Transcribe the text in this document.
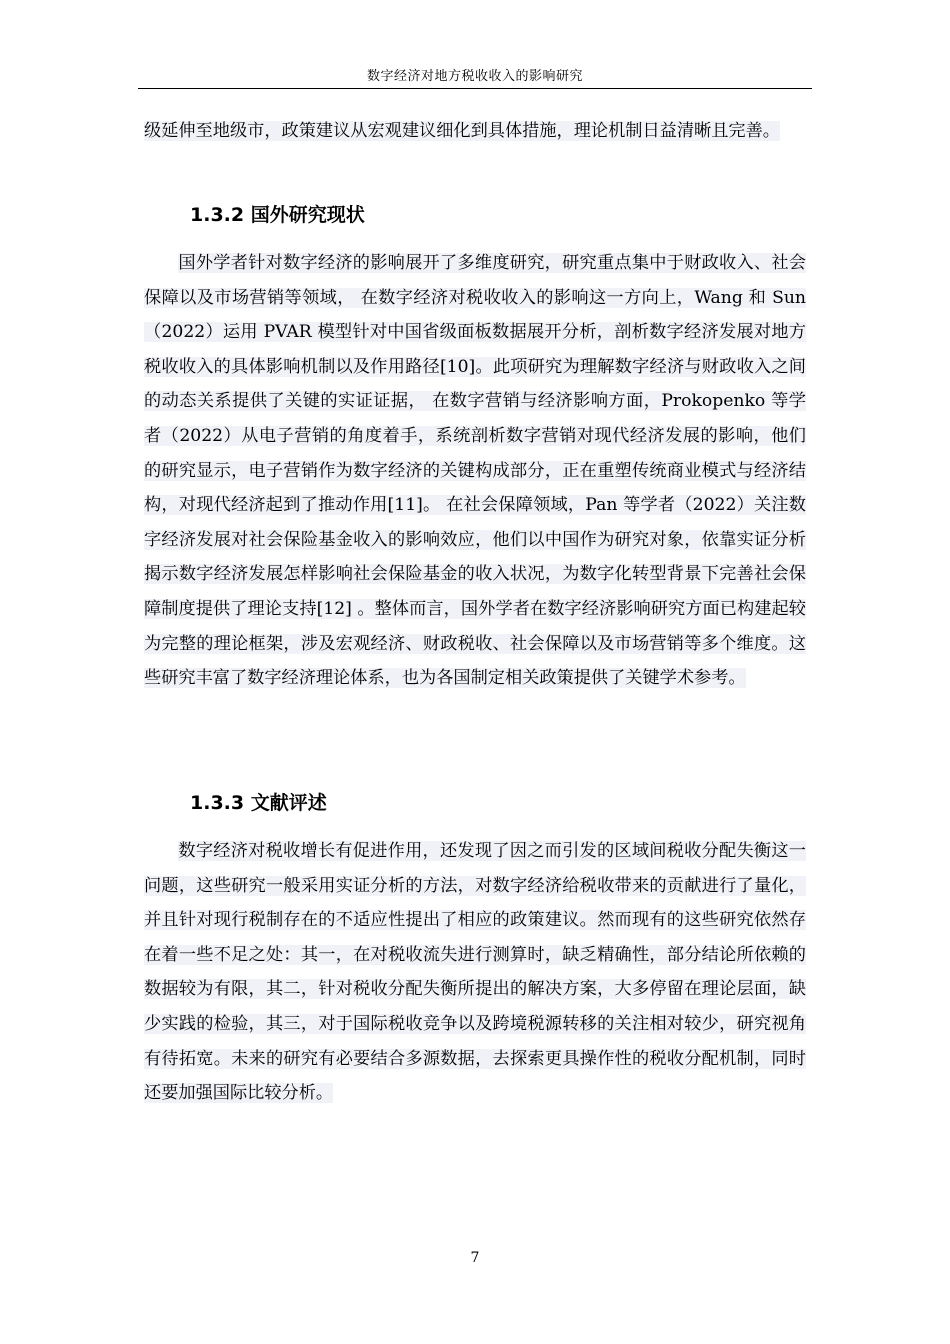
数字经济对地方税收收入的影响研究

级延伸至地级市，政策建议从宏观建议细化到具体措施，理论机制日益清晰且完善。

1.3.2 国外研究现状

国外学者针对数字经济的影响展开了多维度研究，研究重点集中于财政收入、社会保障以及市场营销等领域， 在数字经济对税收收入的影响这一方向上，Wang 和 Sun（2022）运用 PVAR 模型针对中国省级面板数据展开分析，剖析数字经济发展对地方税收收入的具体影响机制以及作用路径[10]。此项研究为理解数字经济与财政收入之间的动态关系提供了关键的实证证据， 在数字营销与经济影响方面，Prokopenko 等学者（2022）从电子营销的角度着手，系统剖析数字营销对现代经济发展的影响，他们的研究显示，电子营销作为数字经济的关键构成部分，正在重塑传统商业模式与经济结构，对现代经济起到了推动作用[11]。 在社会保障领域，Pan 等学者（2022）关注数字经济发展对社会保险基金收入的影响效应，他们以中国作为研究对象，依靠实证分析揭示数字经济发展怎样影响社会保险基金的收入状况，为数字化转型背景下完善社会保障制度提供了理论支持[12] 。整体而言，国外学者在数字经济影响研究方面已构建起较为完整的理论框架，涉及宏观经济、财政税收、社会保障以及市场营销等多个维度。这些研究丰富了数字经济理论体系，也为各国制定相关政策提供了关键学术参考。

1.3.3 文献评述

数字经济对税收增长有促进作用，还发现了因之而引发的区域间税收分配失衡这一问题，这些研究一般采用实证分析的方法，对数字经济给税收带来的贡献进行了量化，并且针对现行税制存在的不适应性提出了相应的政策建议。然而现有的这些研究依然存在着一些不足之处：其一，在对税收流失进行测算时，缺乏精确性，部分结论所依赖的数据较为有限，其二，针对税收分配失衡所提出的解决方案，大多停留在理论层面，缺少实践的检验，其三，对于国际税收竞争以及跨境税源转移的关注相对较少，研究视角有待拓宽。未来的研究有必要结合多源数据，去探索更具操作性的税收分配机制，同时还要加强国际比较分析。

7
